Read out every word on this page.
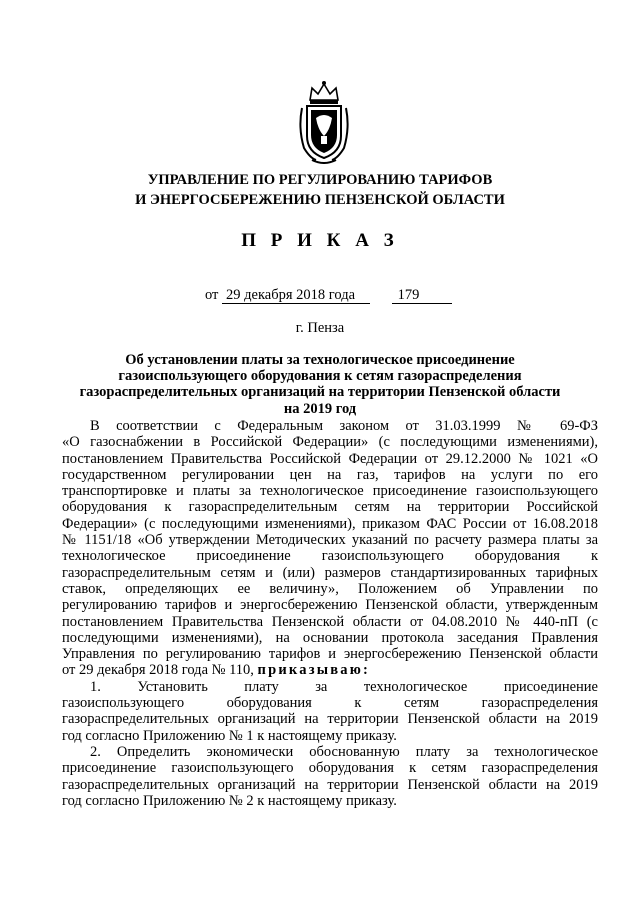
УПРАВЛЕНИЕ ПО РЕГУЛИРОВАНИЮ ТАРИФОВ
И ЭНЕРГОСБЕРЕЖЕНИЮ ПЕНЗЕНСКОЙ ОБЛАСТИ
П Р И К А З
от 29 декабря 2018 года	179
г. Пенза
Об установлении платы за технологическое присоединение
газоиспользующего оборудования к сетям газораспределения
газораспределительных организаций на территории Пензенской области
на 2019 год

В соответствии с Федеральным законом от 31.03.1999 № 69-ФЗ

«О газоснабжении в Российской Федерации» (с последующими изменениями),

постановлением Правительства Российской Федерации от 29.12.2000 № 1021 «О

государственном регулировании цен на газ, тарифов на услуги по его

транспортировке и платы за технологическое присоединение газоиспользующего

оборудования к газораспределительным сетям на территории Российской

Федерации» (с последующими изменениями), приказом ФАС России от 16.08.2018

№ 1151/18 «Об утверждении Методических указаний по расчету размера платы за

технологическое присоединение газоиспользующего оборудования к

газораспределительным сетям и (или) размеров стандартизированных тарифных

ставок, определяющих ее величину», Положением об Управлении по

регулированию тарифов и энергосбережению Пензенской области, утвержденным

постановлением Правительства Пензенской области от 04.08.2010 № 440-пП (с

последующими изменениями), на основании протокола заседания Правления

Управления по регулированию тарифов и энергосбережению Пензенской области

от 29 декабря 2018 года № 110, приказываю:

1. Установить плату за технологическое присоединение

газоиспользующего оборудования к сетям газораспределения

газораспределительных организаций на территории Пензенской области на 2019

год согласно Приложению № 1 к настоящему приказу.

2. Определить экономически обоснованную плату за технологическое

присоединение газоиспользующего оборудования к сетям газораспределения

газораспределительных организаций на территории Пензенской области на 2019

год согласно Приложению № 2 к настоящему приказу.
